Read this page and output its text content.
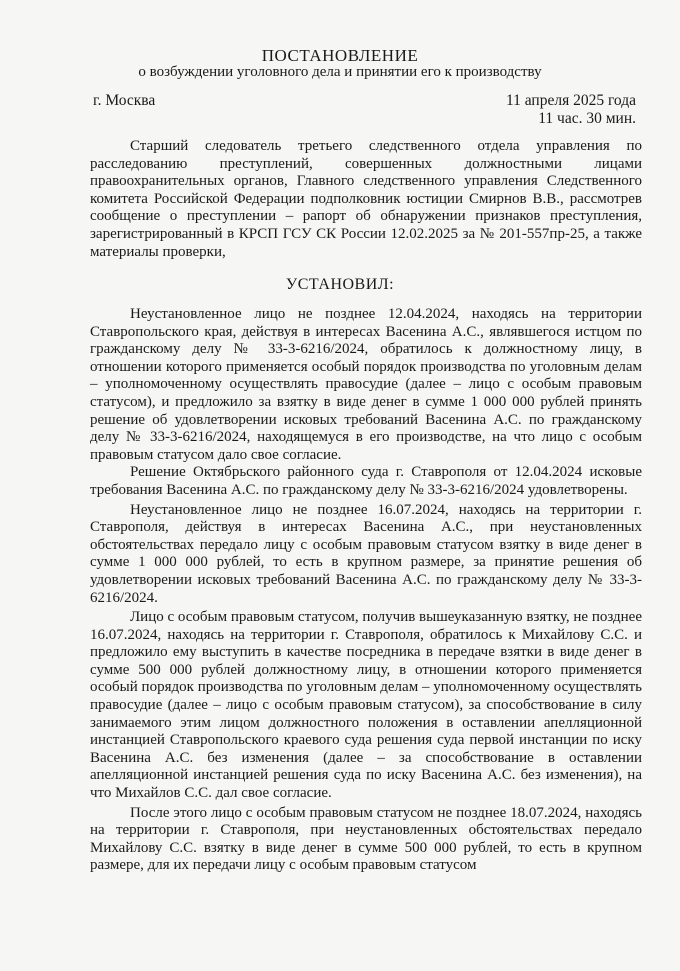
ПОСТАНОВЛЕНИЕ
о возбуждении уголовного дела и принятии его к производству
г. Москва	11 апреля 2025 года
11 час. 30 мин.

Старший следователь третьего следственного отдела управления по расследованию преступлений, совершенных должностными лицами правоохранительных органов, Главного следственного управления Следственного комитета Российской Федерации подполковник юстиции Смирнов В.В., рассмотрев сообщение о преступлении – рапорт об обнаружении признаков преступления, зарегистрированный в КРСП ГСУ СК России 12.02.2025 за № 201-557пр-25, а также материалы проверки,

УСТАНОВИЛ:

Неустановленное лицо не позднее 12.04.2024, находясь на территории Ставропольского края, действуя в интересах Васенина А.С., являвшегося истцом по гражданскому делу № 33-3-6216/2024, обратилось к должностному лицу, в отношении которого применяется особый порядок производства по уголовным делам – уполномоченному осуществлять правосудие (далее – лицо с особым правовым статусом), и предложило за взятку в виде денег в сумме 1 000 000 рублей принять решение об удовлетворении исковых требований Васенина А.С. по гражданскому делу № 33-3-6216/2024, находящемуся в его производстве, на что лицо с особым правовым статусом дало свое согласие.

Решение Октябрьского районного суда г. Ставрополя от 12.04.2024 исковые требования Васенина А.С. по гражданскому делу № 33-3-6216/2024 удовлетворены.

Неустановленное лицо не позднее 16.07.2024, находясь на территории г. Ставрополя, действуя в интересах Васенина А.С., при неустановленных обстоятельствах передало лицу с особым правовым статусом взятку в виде денег в сумме 1 000 000 рублей, то есть в крупном размере, за принятие решения об удовлетворении исковых требований Васенина А.С. по гражданскому делу № 33-3-6216/2024.

Лицо с особым правовым статусом, получив вышеуказанную взятку, не позднее 16.07.2024, находясь на территории г. Ставрополя, обратилось к Михайлову С.С. и предложило ему выступить в качестве посредника в передаче взятки в виде денег в сумме 500 000 рублей должностному лицу, в отношении которого применяется особый порядок производства по уголовным делам – уполномоченному осуществлять правосудие (далее – лицо с особым правовым статусом), за способствование в силу занимаемого этим лицом должностного положения в оставлении апелляционной инстанцией Ставропольского краевого суда решения суда первой инстанции по иску Васенина А.С. без изменения (далее – за способствование в оставлении апелляционной инстанцией решения суда по иску Васенина А.С. без изменения), на что Михайлов С.С. дал свое согласие.

После этого лицо с особым правовым статусом не позднее 18.07.2024, находясь на территории г. Ставрополя, при неустановленных обстоятельствах передало Михайлову С.С. взятку в виде денег в сумме 500 000 рублей, то есть в крупном размере, для их передачи лицу с особым правовым статусом
